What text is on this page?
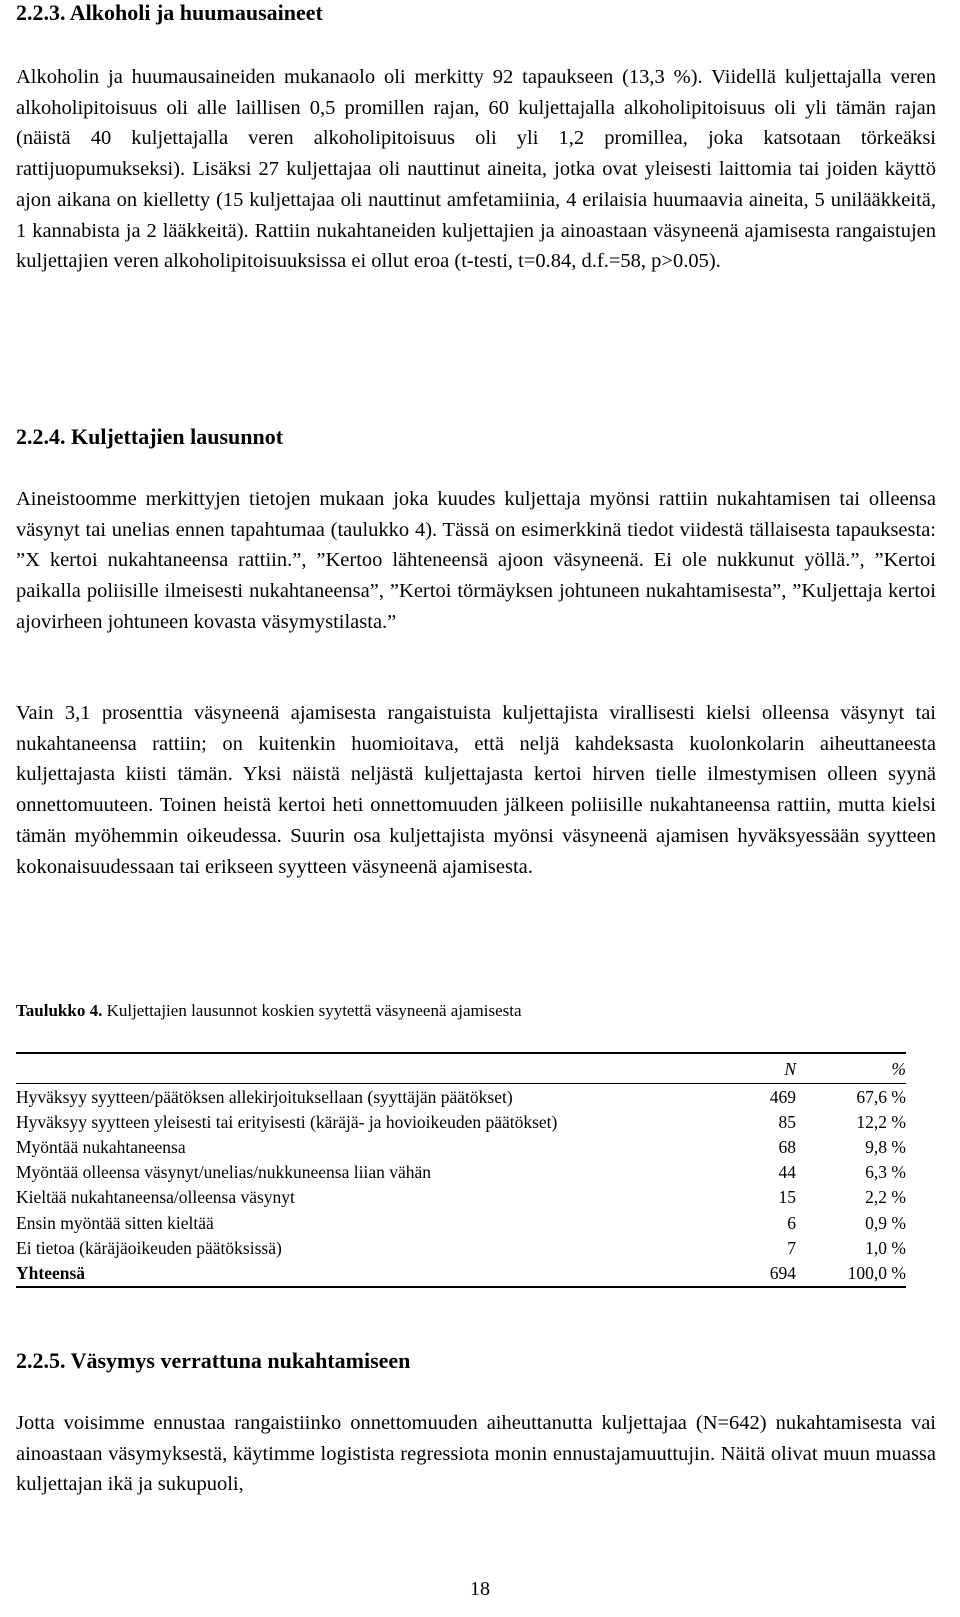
2.2.3. Alkoholi ja huumausaineet

Alkoholin ja huumausaineiden mukanaolo oli merkitty 92 tapaukseen (13,3 %). Viidellä kuljettajalla veren alkoholipitoisuus oli alle laillisen 0,5 promillen rajan, 60 kuljettajalla alkoholipitoisuus oli yli tämän rajan (näistä 40 kuljettajalla veren alkoholipitoisuus oli yli 1,2 promillea, joka katsotaan törkeäksi rattijuopumukseksi). Lisäksi 27 kuljettajaa oli nauttinut aineita, jotka ovat yleisesti laittomia tai joiden käyttö ajon aikana on kielletty (15 kuljettajaa oli nauttinut amfetamiinia, 4 erilaisia huumaavia aineita, 5 unilääkkeitä, 1 kannabista ja 2 lääkkeitä). Rattiin nukahtaneiden kuljettajien ja ainoastaan väsyneenä ajamisesta rangaistujen kuljettajien veren alkoholipitoisuuksissa ei ollut eroa (t-testi, t=0.84, d.f.=58, p>0.05).

2.2.4. Kuljettajien lausunnot

Aineistoomme merkittyjen tietojen mukaan joka kuudes kuljettaja myönsi rattiin nukahtamisen tai olleensa väsynyt tai unelias ennen tapahtumaa (taulukko 4). Tässä on esimerkkinä tiedot viidestä tällaisesta tapauksesta: ”X kertoi nukahtaneensa rattiin.”, ”Kertoo lähteneensä ajoon väsyneenä. Ei ole nukkunut yöllä.”, ”Kertoi paikalla poliisille ilmeisesti nukahtaneensa”, ”Kertoi törmäyksen johtuneen nukahtamisesta”, ”Kuljettaja kertoi ajovirheen johtuneen kovasta väsymystilasta.”

Vain 3,1 prosenttia väsyneenä ajamisesta rangaistuista kuljettajista virallisesti kielsi olleensa väsynyt tai nukahtaneensa rattiin; on kuitenkin huomioitava, että neljä kahdeksasta kuolonkolarin aiheuttaneesta kuljettajasta kiisti tämän. Yksi näistä neljästä kuljettajasta kertoi hirven tielle ilmestymisen olleen syynä onnettomuuteen. Toinen heistä kertoi heti onnettomuuden jälkeen poliisille nukahtaneensa rattiin, mutta kielsi tämän myöhemmin oikeudessa. Suurin osa kuljettajista myönsi väsyneenä ajamisen hyväksyessään syytteen kokonaisuudessaan tai erikseen syytteen väsyneenä ajamisesta.

Taulukko 4. Kuljettajien lausunnot koskien syytettä väsyneenä ajamisesta

	N	%
Hyväksyy syytteen/päätöksen allekirjoituksellaan (syyttäjän päätökset)	469	67,6 %
Hyväksyy syytteen yleisesti tai erityisesti (käräjä- ja hovioikeuden päätökset)	85	12,2 %
Myöntää nukahtaneensa	68	9,8 %
Myöntää olleensa väsynyt/unelias/nukkuneensa liian vähän	44	6,3 %
Kieltää nukahtaneensa/olleensa väsynyt	15	2,2 %
Ensin myöntää sitten kieltää	6	0,9 %
Ei tietoa (käräjäoikeuden päätöksissä)	7	1,0 %
Yhteensä	694	100,0 %
2.2.5. Väsymys verrattuna nukahtamiseen

Jotta voisimme ennustaa rangaistiinko onnettomuuden aiheuttanutta kuljettajaa (N=642) nukahtamisesta vai ainoastaan väsymyksestä, käytimme logistista regressiota monin ennustajamuuttujin. Näitä olivat muun muassa kuljettajan ikä ja sukupuoli,

18
